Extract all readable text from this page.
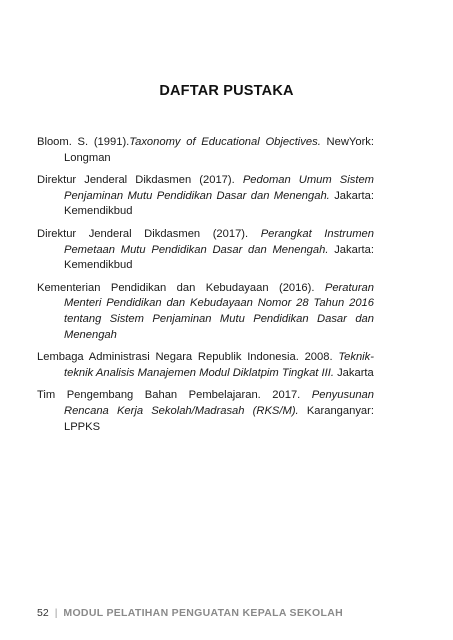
DAFTAR PUSTAKA

Bloom. S. (1991).Taxonomy of Educational Objectives. NewYork: Longman

Direktur Jenderal Dikdasmen (2017). Pedoman Umum Sistem Penjaminan Mutu Pendidikan Dasar dan Menengah. Jakarta: Kemendikbud

Direktur Jenderal Dikdasmen (2017). Perangkat Instrumen Pemetaan Mutu Pendidikan Dasar dan Menengah. Jakarta: Kemendikbud

Kementerian Pendidikan dan Kebudayaan (2016). Peraturan Menteri Pendidikan dan Kebudayaan Nomor 28 Tahun 2016 tentang Sistem Penjaminan Mutu Pendidikan Dasar dan Menengah

Lembaga Administrasi Negara Republik Indonesia. 2008. Teknik-teknik Analisis Manajemen Modul Diklatpim Tingkat III. Jakarta

Tim Pengembang Bahan Pembelajaran. 2017. Penyusunan Rencana Kerja Sekolah/Madrasah (RKS/M). Karanganyar: LPPKS

52 | MODUL PELATIHAN PENGUATAN KEPALA SEKOLAH
